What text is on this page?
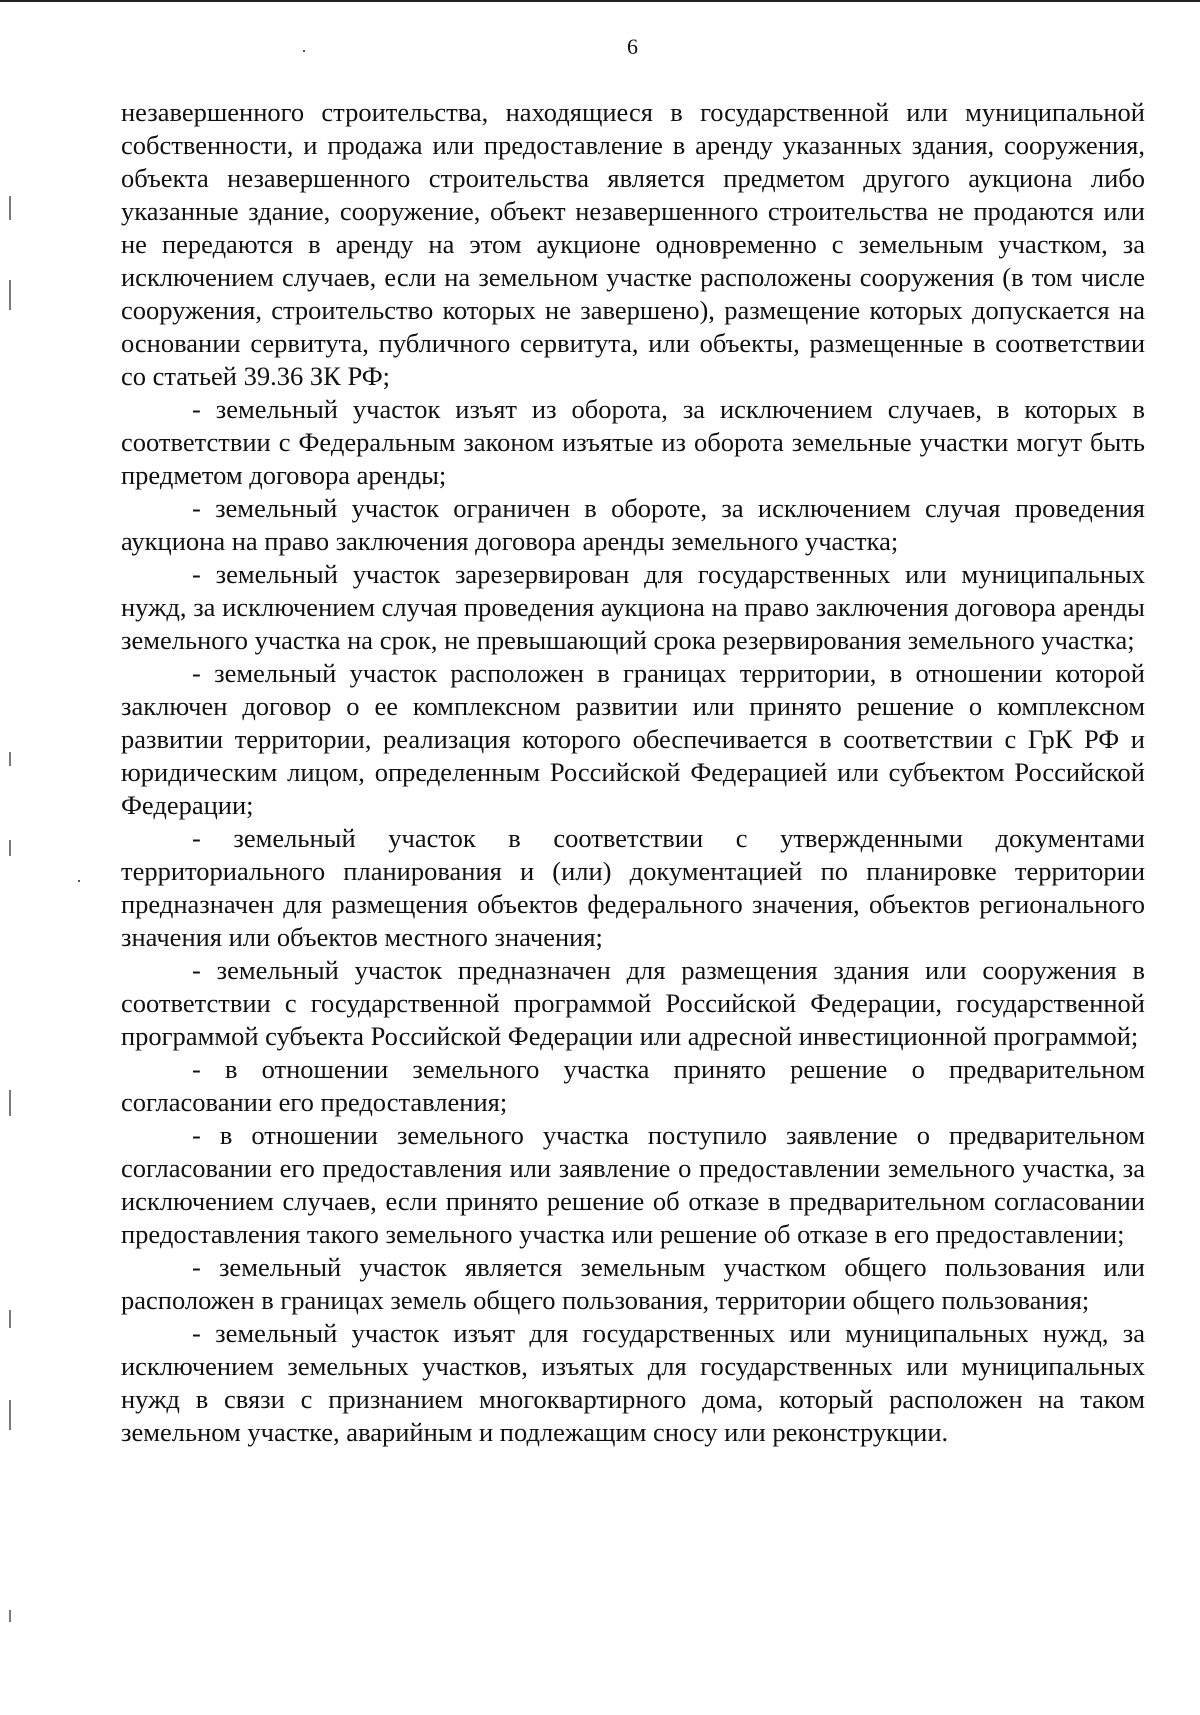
6

незавершенного строительства, находящиеся в государственной или муниципальной собственности, и продажа или предоставление в аренду указанных здания, сооружения, объекта незавершенного строительства является предметом другого аукциона либо указанные здание, сооружение, объект незавершенного строительства не продаются или не передаются в аренду на этом аукционе одновременно с земельным участком, за исключением случаев, если на земельном участке расположены сооружения (в том числе сооружения, строительство которых не завершено), размещение которых допускается на основании сервитута, публичного сервитута, или объекты, размещенные в соответствии со статьей 39.36 ЗК РФ;

- земельный участок изъят из оборота, за исключением случаев, в которых в соответствии с Федеральным законом изъятые из оборота земельные участки могут быть предметом договора аренды;

- земельный участок ограничен в обороте, за исключением случая проведения аукциона на право заключения договора аренды земельного участка;

- земельный участок зарезервирован для государственных или муниципальных нужд, за исключением случая проведения аукциона на право заключения договора аренды земельного участка на срок, не превышающий срока резервирования земельного участка;

- земельный участок расположен в границах территории, в отношении которой заключен договор о ее комплексном развитии или принято решение о комплексном развитии территории, реализация которого обеспечивается в соответствии с ГрК РФ и юридическим лицом, определенным Российской Федерацией или субъектом Российской Федерации;

- земельный участок в соответствии с утвержденными документами территориального планирования и (или) документацией по планировке территории предназначен для размещения объектов федерального значения, объектов регионального значения или объектов местного значения;

- земельный участок предназначен для размещения здания или сооружения в соответствии с государственной программой Российской Федерации, государственной программой субъекта Российской Федерации или адресной инвестиционной программой;

- в отношении земельного участка принято решение о предварительном согласовании его предоставления;

- в отношении земельного участка поступило заявление о предварительном согласовании его предоставления или заявление о предоставлении земельного участка, за исключением случаев, если принято решение об отказе в предварительном согласовании предоставления такого земельного участка или решение об отказе в его предоставлении;

- земельный участок является земельным участком общего пользования или расположен в границах земель общего пользования, территории общего пользования;

- земельный участок изъят для государственных или муниципальных нужд, за исключением земельных участков, изъятых для государственных или муниципальных нужд в связи с признанием многоквартирного дома, который расположен на таком земельном участке, аварийным и подлежащим сносу или реконструкции.
